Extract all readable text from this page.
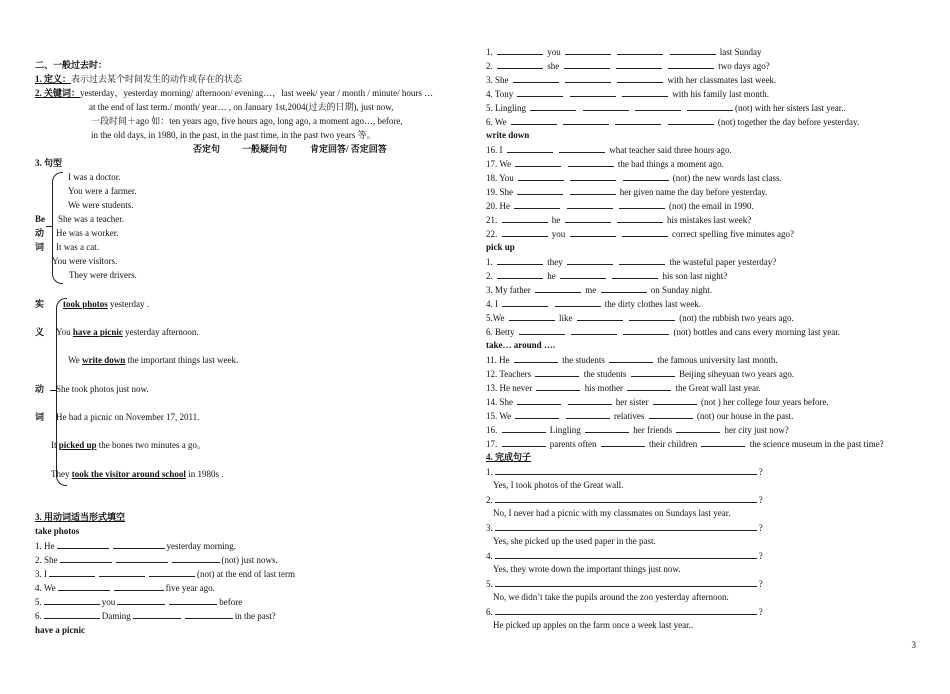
二、一般过去时：
1. 定义：表示过去某个时间发生的动作或存在的状态
2. 关键词：yesterday，yesterday morning/ afternoon/ evening…，last week/ year / month / minute/ hours …
at the end of last term./ month/ year… , on January 1st,2004(过去的日期), just now,
一段时间＋ago 如：ten years ago, five hours ago, long ago, a moment ago…, before,
in the old days, in 1980, in the past, in the past time, in the past two years 等。
否定句 一般疑问句	肯定回答/ 否定回答
3. 句型
Be
动
词
I was a doctor.
You were a farmer.
We were students.
She was a teacher.
He was a worker.
It was a cat.
You were visitors.
They were drivers.
实
义
动
词
took photos yesterday .
You have a picnic yesterday afternoon.
We write down the important things last week.
She took photos just now.
He had a picnic on November 17, 2011.
It picked up the bones two minutes a go。
They took the visitor around school in 1980s .
3. 用动词适当形式填空
take photos
1. He	yesterday morning.
2. She	(not) just nows.
3. I	(not) at the end of last term
4. We	five year ago.
5.	you	before
6.	Daming	in the past?
have a picnic
1.	you	last Sunday
2.	she	two days ago?
3. She	with her classmates last week.
4. Tony	with his family last month.
5. Lingling	(not) with her sisters last year..
6. We	(not) together the day before yesterday.
write down
16. I	what teacher said three hours ago.
17. We	the bad things a moment ago.
18. You	(not) the new words last class.
19. She	her given name the day before yesterday.
20. He	(not) the email in 1990.
21.	he	his mistakes last week?
22.	you	correct spelling five minutes ago?
pick up
1.	they	the wasteful paper yesterday?
2.	he	his son last night?
3. My father	me	on Sunday night.
4. I	the dirty clothes last week.
5.We	like	(not) the rubbish two years ago.
6. Betty	(not) bottles and cans every morning last year.
take… around ….
11. He	the students	the famous university last month.
12. Teachers	the students	Beijing siheyuan two years ago.
13. He never	his mother	the Great wall last year.
14. She	her sister	(not ) her college four years before.
15. We	relatives	(not) our house in the past.
16.	Lingling	her friends	her city just now?
17.	parents often	their children	the science museum in the past time?
4. 完成句子
1.	?
Yes, I took photos of the Great wall.
2.	?
No, I never had a picnic with my classmates on Sundays last year.
3.	?
Yes, she picked up the used paper in the past.
4.	?
Yes, they wrote down the important things just now.
5.	?
No, we didn’t take the pupils around the zoo yesterday afternoon.
6.	?
He picked up apples on the farm once a week last year..
3
